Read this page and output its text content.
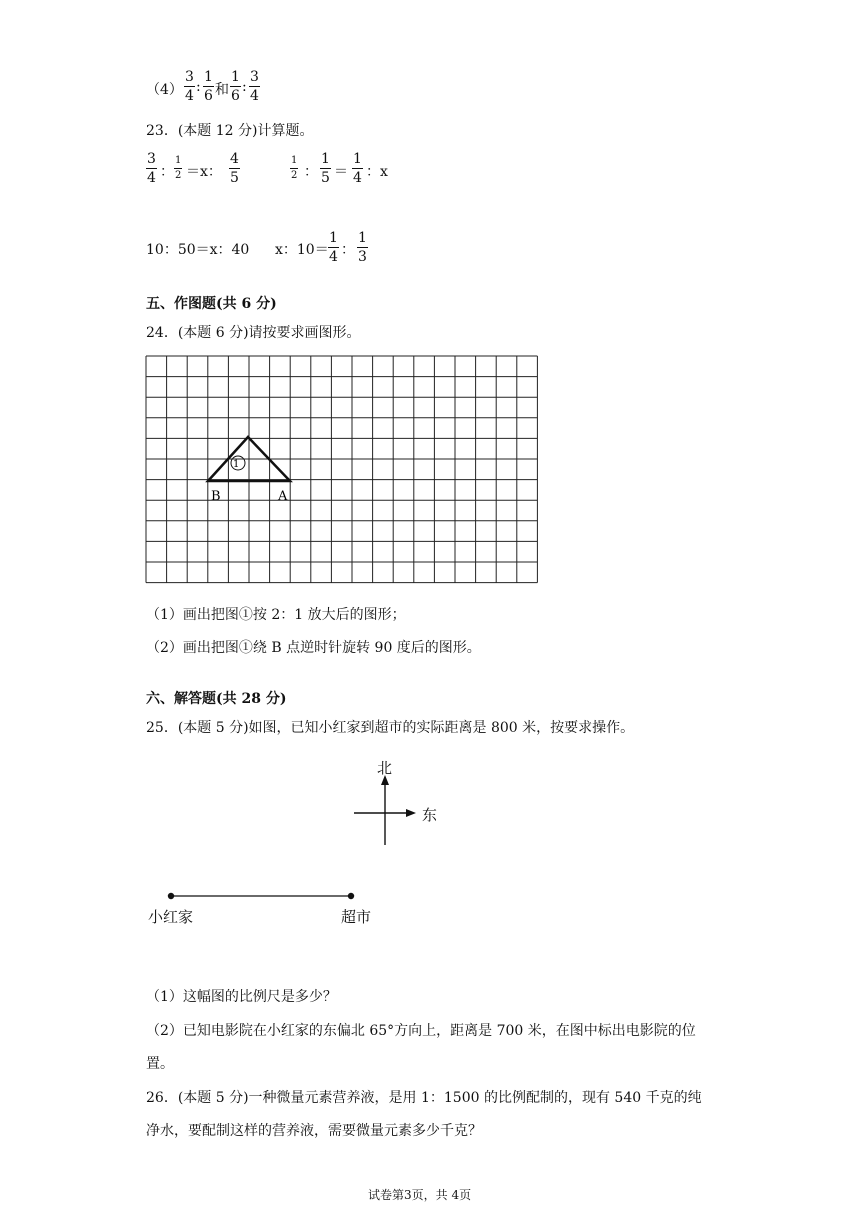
$(4) \frac{3}{4}$ : $\frac{1}{6}$ 和 $\frac{1}{6}$ : $\frac{3}{4}$
23．(本题 12 分)计算题。
$\frac{3}{4}$ ： $\frac{1}{2} =x$： $\frac{4}{5}$	$\frac{1}{2}$ ： $\frac{1}{5} = \frac{1}{4}$ ：x
10：50＝x：40 x：$10= \frac{1}{4}$ ： $\frac{1}{3}$
五、作图题(共 6 分)
24．(本题 6 分)请按要求画图形。
1
B	A
（1）画出把图①按 2：1 放大后的图形；
（2）画出把图①绕 B 点逆时针旋转 90 度后的图形。
六、解答题(共 28 分)
25．(本题 5 分)如图，已知小红家到超市的实际距离是 800 米，按要求操作。
北
东
小红家	超市
（1）这幅图的比例尺是多少？
（2）已知电影院在小红家的东偏北 65°方向上，距离是 700 米，在图中标出电影院的位
置。
26．(本题 5 分)一种微量元素营养液，是用 1：1500 的比例配制的，现有 540 千克的纯
净水，要配制这样的营养液，需要微量元素多少千克？
试卷第3页，共 4页
